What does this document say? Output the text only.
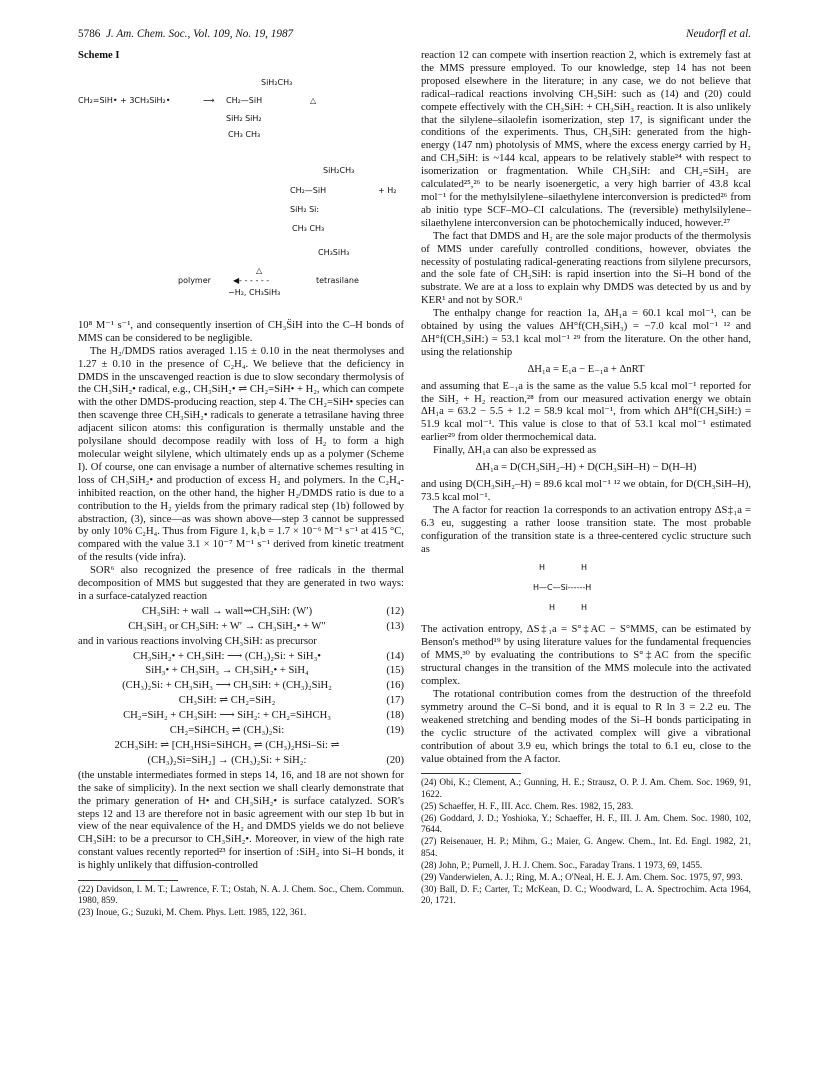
5786 J. Am. Chem. Soc., Vol. 109, No. 19, 1987	Neudorfl et al.
Scheme I
CH₂=SiH• + 3CH₃SiH₂•	⟶
SiH₂CH₃
CH₂—SiH
SiH₂ SiH₂
CH₃ CH₃
△
SiH₂CH₃
CH₂—SiH
SiH₂ Si:
CH₃ CH₃
+ H₂
CH₃SiH₃
polymer	◀- - - - - -
△
tetrasilane
−H₂, CH₃SiH₃

10⁸ M⁻¹ s⁻¹, and consequently insertion of CH₃S̈iH into the C–H bonds of MMS can be considered to be negligible.

The H₂/DMDS ratios averaged 1.15 ± 0.10 in the neat thermolyses and 1.27 ± 0.10 in the presence of C₂H₄. We believe that the deficiency in DMDS in the unscavenged reaction is due to slow secondary thermolysis of the CH₃SiH₂• radical, e.g., CH₃SiH₂• ⇌ CH₂=SiH• + H₂, which can compete with the other DMDS-producing reaction, step 4. The CH₂=SiH• species can then scavenge three CH₃SiH₂• radicals to generate a tetrasilane having three adjacent silicon atoms: this configuration is thermally unstable and the polysilane should decompose readily with loss of H₂ to form a high molecular weight silylene, which ultimately ends up as a polymer (Scheme I). Of course, one can envisage a number of alternative schemes resulting in loss of CH₃SiH₂• and production of excess H₂ and polymers. In the C₂H₄-inhibited reaction, on the other hand, the higher H₂/DMDS ratio is due to a contribution to the H₂ yields from the primary radical step (1b) followed by abstraction, (3), since—as was shown above—step 3 cannot be suppressed by only 10% C₂H₄. Thus from Figure 1, k₁b = 1.7 × 10⁻⁶ M⁻¹ s⁻¹ at 415 °C, compared with the value 3.1 × 10⁻⁷ M⁻¹ s⁻¹ derived from kinetic treatment of the results (vide infra).

SOR⁶ also recognized the presence of free radicals in the thermal decomposition of MMS but suggested that they are generated in two ways: in a surface-catalyzed reaction

CH₃SiH: + wall → wall⇝CH₃SiH: (W′)	(12)
CH₃SiH₃ or CH₃SiH: + W′ → CH₃SiH₂• + W″	(13)

and in various reactions involving CH₃SiH: as precursor

CH₃SiH₂• + CH₃SiH: ⟶ (CH₃)₂Si: + SiH₃•	(14)
SiH₃• + CH₃SiH₃ → CH₃SiH₂• + SiH₄	(15)
(CH₃)₂Si: + CH₃SiH₃ ⟶ CH₃SiH: + (CH₃)₂SiH₂	(16)
CH₃SiH: ⇌ CH₂=SiH₂	(17)
CH₂=SiH₂ + CH₃SiH: ⟶ SiH₂: + CH₂=SiHCH₃	(18)
CH₂=SiHCH₃ ⇌ (CH₃)₂Si:	(19)
2CH₃SiH: ⇌ [CH₃HSi=SiHCH₃ ⇌ (CH₃)₂HSi–Si: ⇌
(CH₃)₂Si=SiH₂] → (CH₃)₂Si: + SiH₂:	(20)

(the unstable intermediates formed in steps 14, 16, and 18 are not shown for the sake of simplicity). In the next section we shall clearly demonstrate that the primary generation of H• and CH₃SiH₂• is surface catalyzed. SOR's steps 12 and 13 are therefore not in basic agreement with our step 1b but in view of the near equivalence of the H₂ and DMDS yields we do not believe CH₃SiH: to be a precursor to CH₃SiH₂•. Moreover, in view of the high rate constant values recently reported²³ for insertion of :SiH₂ into Si–H bonds, it is highly unlikely that diffusion-controlled

(22) Davidson, I. M. T.; Lawrence, F. T.; Ostah, N. A. J. Chem. Soc., Chem. Commun. 1980, 859.

(23) Inoue, G.; Suzuki, M. Chem. Phys. Lett. 1985, 122, 361.

reaction 12 can compete with insertion reaction 2, which is extremely fast at the MMS pressure employed. To our knowledge, step 14 has not been proposed elsewhere in the literature; in any case, we do not believe that radical–radical reactions involving CH₃SiH: such as (14) and (20) could compete effectively with the CH₃SiH: + CH₃SiH₃ reaction. It is also unlikely that the silylene–silaolefin isomerization, step 17, is significant under the conditions of the experiments. Thus, CH₃SiH: generated from the high-energy (147 nm) photolysis of MMS, where the excess energy carried by H₂ and CH₃SiH: is ~144 kcal, appears to be relatively stable²⁴ with respect to isomerization or fragmentation. While CH₃SiH: and CH₂=SiH₂ are calculated²⁵,²⁶ to be nearly isoenergetic, a very high barrier of 43.8 kcal mol⁻¹ for the methylsilylene–silaethylene interconversion is predicted²⁶ from ab initio type SCF–MO–CI calculations. The (reversible) methylsilylene–silaethylene interconversion can be photochemically induced, however.²⁷

The fact that DMDS and H₂ are the sole major products of the thermolysis of MMS under carefully controlled conditions, however, obviates the necessity of postulating radical-generating reactions from silylene precursors, and the sole fate of CH₃SiH: is rapid insertion into the Si–H bond of the substrate. We are at a loss to explain why DMDS was detected by us and by KER¹ and not by SOR.⁶

The enthalpy change for reaction 1a, ΔH₁a = 60.1 kcal mol⁻¹, can be obtained by using the values ΔH°f(CH₃SiH₃) = −7.0 kcal mol⁻¹ ¹² and ΔH°f(CH₃SiH:) = 53.1 kcal mol⁻¹ ²⁹ from the literature. On the other hand, using the relationship

ΔH₁a = E₁a − E₋₁a + ΔnRT

and assuming that E₋₁a is the same as the value 5.5 kcal mol⁻¹ reported for the SiH₂ + H₂ reaction,²⁸ from our measured activation energy we obtain ΔH₁a = 63.2 − 5.5 + 1.2 = 58.9 kcal mol⁻¹, from which ΔH°f(CH₃SiH:) = 51.9 kcal mol⁻¹. This value is close to that of 53.1 kcal mol⁻¹ estimated earlier²⁹ from older thermochemical data.

Finally, ΔH₁a can also be expressed as

ΔH₁a = D(CH₃SiH₂–H) + D(CH₃SiH–H) − D(H–H)

and using D(CH₃SiH₂–H) = 89.6 kcal mol⁻¹ ¹² we obtain, for D(CH₃SiH–H), 73.5 kcal mol⁻¹.

The A factor for reaction 1a corresponds to an activation entropy ΔS‡₁a = 6.3 eu, suggesting a rather loose transition state. The most probable configuration of the transition state is a three-centered cyclic structure such as

H	H
H—C—Si------H
H	H

The activation entropy, ΔS‡₁a = S°‡AC − S°MMS, can be estimated by Benson's method¹⁹ by using literature values for the fundamental frequencies of MMS,³⁰ by evaluating the contributions to S°‡AC from the specific structural changes in the transition of the MMS molecule into the activated complex.

The rotational contribution comes from the destruction of the threefold symmetry around the C–Si bond, and it is equal to R ln 3 = 2.2 eu. The weakened stretching and bending modes of the Si–H bonds participating in the cyclic structure of the activated complex will give a vibrational contribution of about 3.9 eu, which brings the total to 6.1 eu, close to the value obtained from the A factor.

(24) Obi, K.; Clement, A.; Gunning, H. E.; Strausz, O. P. J. Am. Chem. Soc. 1969, 91, 1622.

(25) Schaeffer, H. F., III. Acc. Chem. Res. 1982, 15, 283.

(26) Goddard, J. D.; Yoshioka, Y.; Schaeffer, H. F., III. J. Am. Chem. Soc. 1980, 102, 7644.

(27) Reisenauer, H. P.; Mihm, G.; Maier, G. Angew. Chem., Int. Ed. Engl. 1982, 21, 854.

(28) John, P.; Purnell, J. H. J. Chem. Soc., Faraday Trans. 1 1973, 69, 1455.

(29) Vanderwielen, A. J.; Ring, M. A.; O'Neal, H. E. J. Am. Chem. Soc. 1975, 97, 993.

(30) Ball, D. F.; Carter, T.; McKean, D. C.; Woodward, L. A. Spectrochim. Acta 1964, 20, 1721.
